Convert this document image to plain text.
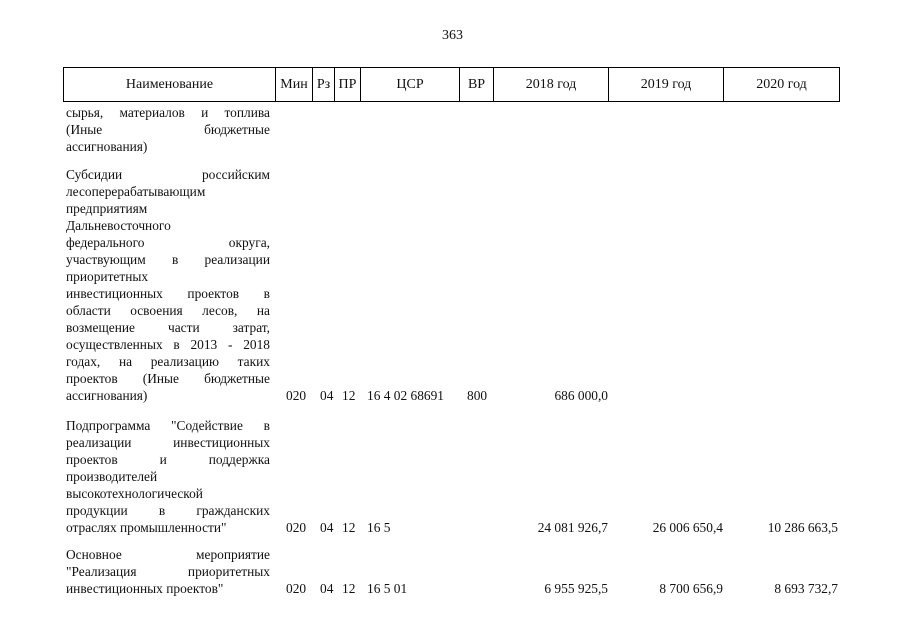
363
Наименование	Мин Рз ПР	ЦСР	ВР	2018 год	2019 год	2020 год
сырья, материалов и топлива
(Иные	бюджетные
ассигнования)
Субсидии	российским
лесоперерабатывающим
предприятиям
Дальневосточного
федерального	округа,
участвующим в реализации
приоритетных
инвестиционных проектов в
области освоения лесов, на
возмещение части затрат,
осуществленных в 2013 - 2018
годах, на реализацию таких
проектов (Иные бюджетные
ассигнования)	020 04 12 16 4 02 68691 800	686 000,0
Подпрограмма "Содействие в
реализации	инвестиционных
проектов	и	поддержка
производителей
высокотехнологической
продукции в гражданских
отраслях промышленности"	020 04 12 16 5	24 081 926,7	26 006 650,4	10 286 663,5
Основное	мероприятие
"Реализация	приоритетных
инвестиционных проектов"	020 04 12 16 5 01	6 955 925,5	8 700 656,9	8 693 732,7
